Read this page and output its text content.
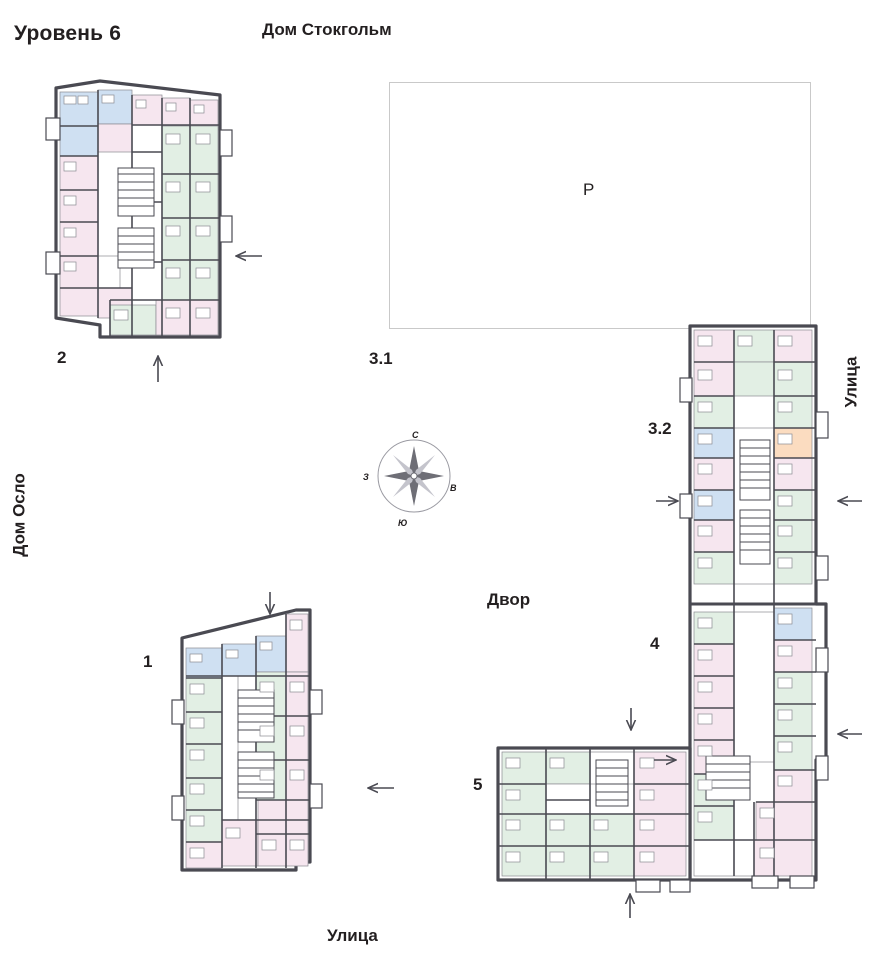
Уровень 6	Дом Стокгольм
Дом Осло
Улица
Улица
Двор
Р
2
1
3.1
3.2
4
5
С
Ю
З
В
